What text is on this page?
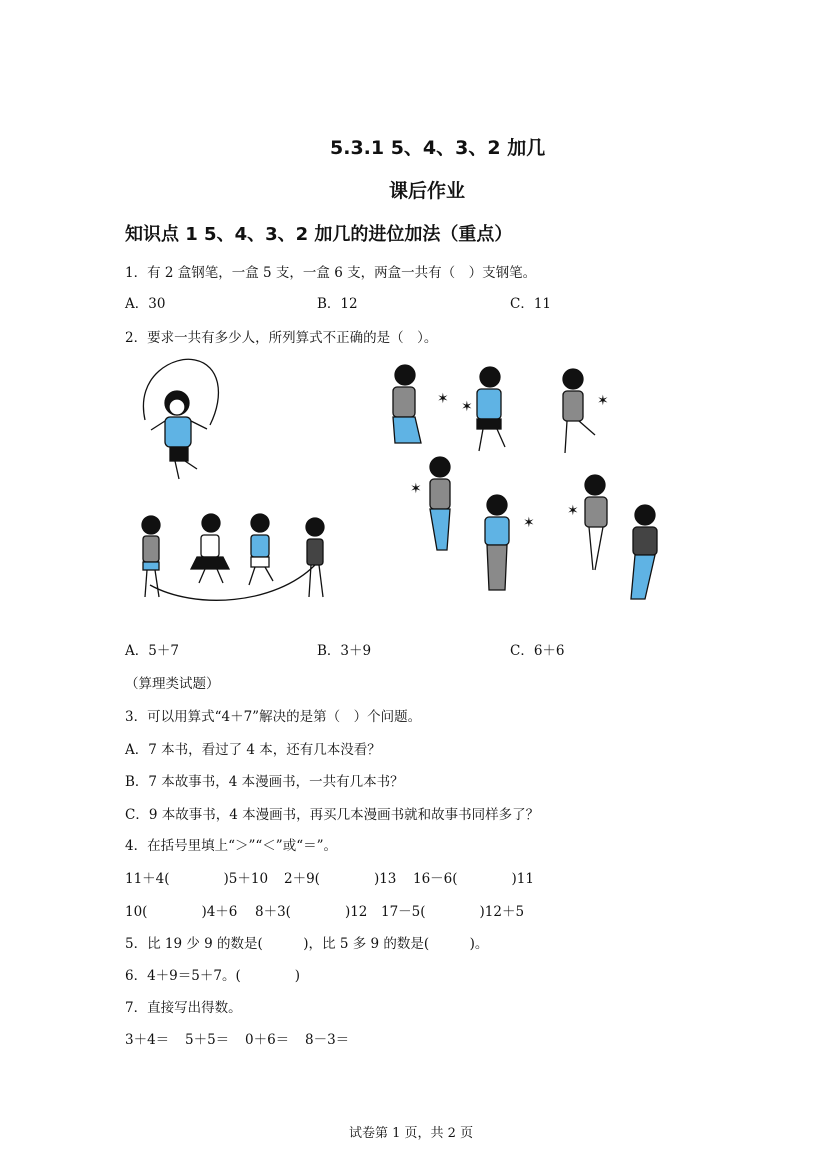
5.3.1 5、4、3、2 加几
课后作业
知识点 1 5、4、3、2 加几的进位加法（重点）
1．有 2 盒钢笔，一盒 5 支，一盒 6 支，两盒一共有（　）支钢笔。
A．30	B．12	C．11
2．要求一共有多少人，所列算式不正确的是（　）。
✶ ✶	✶
✶
✶
✶
A．5＋7	B．3＋9	C．6＋6
（算理类试题）
3．可以用算式“4＋7”解决的是第（　）个问题。
A．7 本书，看过了 4 本，还有几本没看？
B．7 本故事书，4 本漫画书，一共有几本书？
C．9 本故事书，4 本漫画书，再买几本漫画书就和故事书同样多了？
4．在括号里填上“＞”“＜”或“＝”。
11＋4(　　　　)5＋10 2＋9(　　　　)13 16－6(　　　　)11
10(　　　　)4＋6 8＋3(　　　　)12 17－5(　　　　)12＋5
5．比 19 少 9 的数是(　　　)，比 5 多 9 的数是(　　　)。
6．4＋9＝5＋7。(　　　　)
7．直接写出得数。
3＋4＝ 5＋5＝ 0＋6＝ 8－3＝
试卷第 1 页，共 2 页
